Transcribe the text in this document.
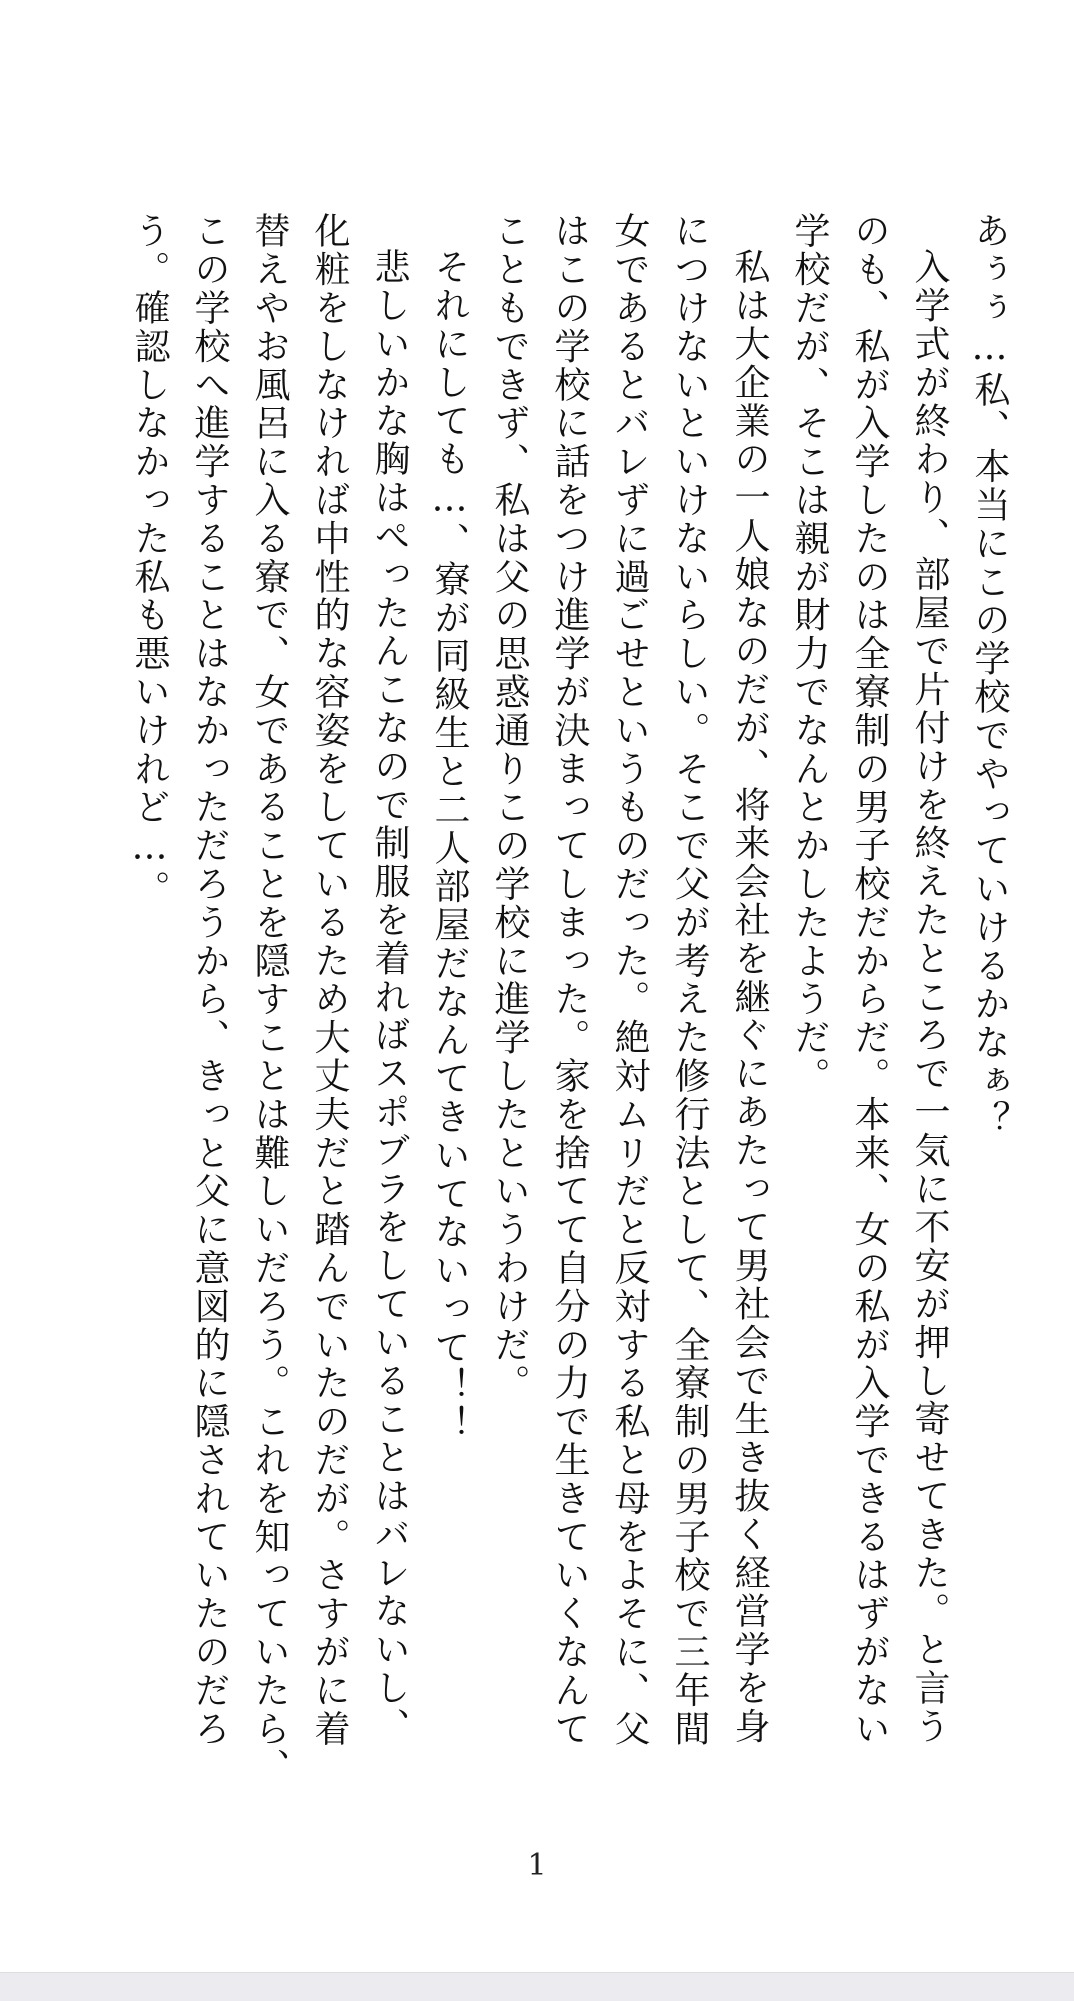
あぅぅ…私、本当にこの学校でやっていけるかなぁ？
入学式が終わり、部屋で片付けを終えたところで一気に不安が押し寄せてきた。と言う
のも、私が入学したのは全寮制の男子校だからだ。本来、女の私が入学できるはずがない
学校だが、そこは親が財力でなんとかしたようだ。
私は大企業の一人娘なのだが、将来会社を継ぐにあたって男社会で生き抜く経営学を身
につけないといけないらしい。そこで父が考えた修行法として、全寮制の男子校で三年間
女であるとバレずに過ごせというものだった。絶対ムリだと反対する私と母をよそに、父
はこの学校に話をつけ進学が決まってしまった。家を捨てて自分の力で生きていくなんて
こともできず、私は父の思惑通りこの学校に進学したというわけだ。
それにしても…、寮が同級生と二人部屋だなんてきいてないって！！
悲しいかな胸はぺったんこなので制服を着ればスポブラをしていることはバレないし、
化粧をしなければ中性的な容姿をしているため大丈夫だと踏んでいたのだが。さすがに着
替えやお風呂に入る寮で、女であることを隠すことは難しいだろう。これを知っていたら、
この学校へ進学することはなかっただろうから、きっと父に意図的に隠されていたのだろ
う。確認しなかった私も悪いけれど…。
1
